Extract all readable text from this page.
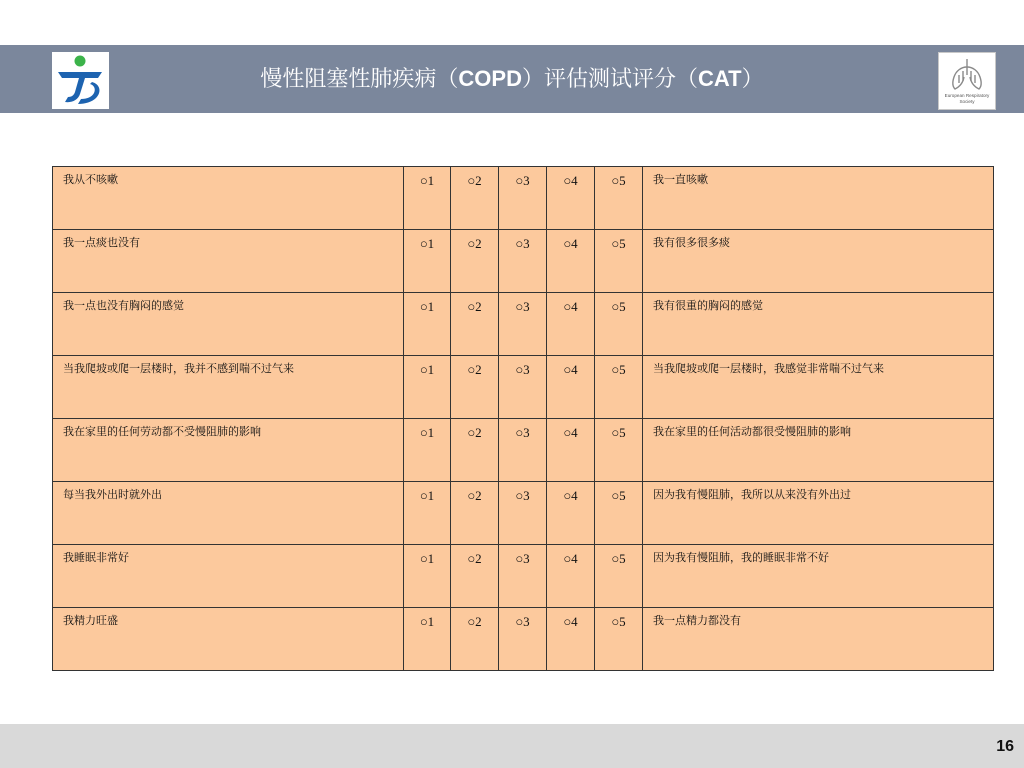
慢性阻塞性肺疾病（COPD）评估测试评分（CAT）
European Respiratory
Society
我从不咳嗽	○1	○2	○3	○4	○5	我一直咳嗽
我一点痰也没有	○1	○2	○3	○4	○5	我有很多很多痰
我一点也没有胸闷的感觉	○1	○2	○3	○4	○5	我有很重的胸闷的感觉
当我爬坡或爬一层楼时，我并不感到喘不过气来	○1	○2	○3	○4	○5	当我爬坡或爬一层楼时，我感觉非常喘不过气来
我在家里的任何劳动都不受慢阻肺的影响	○1	○2	○3	○4	○5	我在家里的任何活动都很受慢阻肺的影响
每当我外出时就外出	○1	○2	○3	○4	○5	因为我有慢阻肺，我所以从来没有外出过
我睡眠非常好	○1	○2	○3	○4	○5	因为我有慢阻肺，我的睡眠非常不好
我精力旺盛	○1	○2	○3	○4	○5	我一点精力都没有
16
